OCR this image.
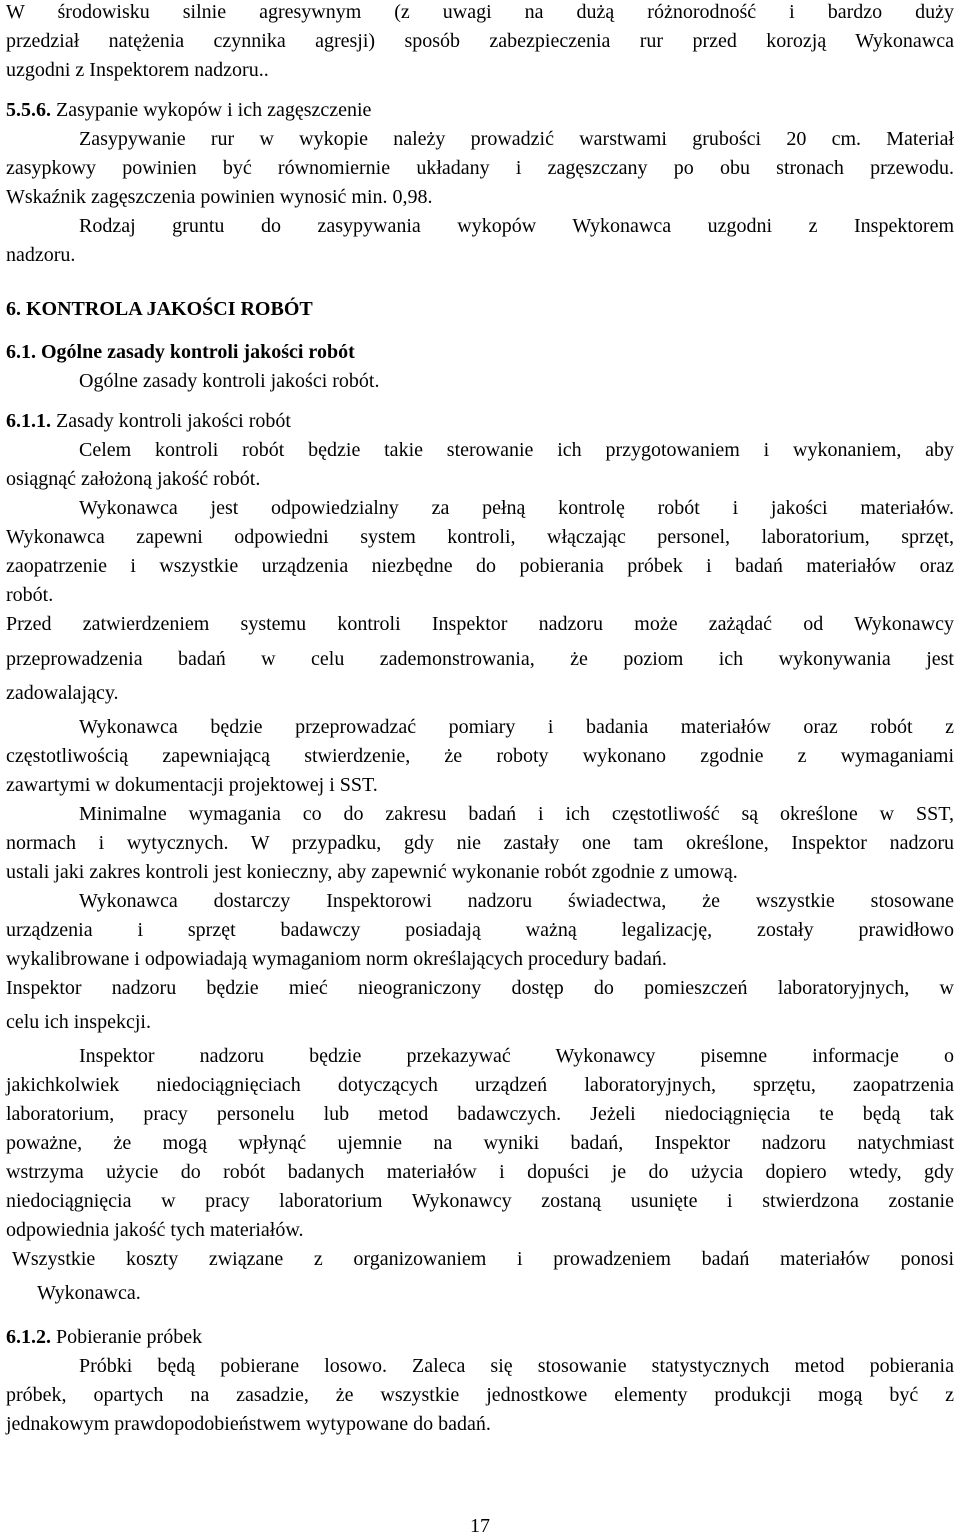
W środowisku silnie agresywnym (z uwagi na dużą różnorodność i bardzo duży
przedział natężenia czynnika agresji) sposób zabezpieczenia rur przed korozją Wykonawca
uzgodni z Inspektorem nadzoru..
5.5.6. Zasypanie wykopów i ich zagęszczenie
Zasypywanie rur w wykopie należy prowadzić warstwami grubości 20 cm. Materiał
zasypkowy powinien być równomiernie układany i zagęszczany po obu stronach przewodu.
Wskaźnik zagęszczenia powinien wynosić min. 0,98.
Rodzaj gruntu do zasypywania wykopów Wykonawca uzgodni z Inspektorem
nadzoru.
6. KONTROLA JAKOŚCI ROBÓT
6.1. Ogólne zasady kontroli jakości robót
Ogólne zasady kontroli jakości robót.
6.1.1. Zasady kontroli jakości robót
Celem kontroli robót będzie takie sterowanie ich przygotowaniem i wykonaniem, aby
osiągnąć założoną jakość robót.
Wykonawca jest odpowiedzialny za pełną kontrolę robót i jakości materiałów.
Wykonawca zapewni odpowiedni system kontroli, włączając personel, laboratorium, sprzęt,
zaopatrzenie i wszystkie urządzenia niezbędne do pobierania próbek i badań materiałów oraz
robót.
Przed zatwierdzeniem systemu kontroli Inspektor nadzoru może zażądać od Wykonawcy
przeprowadzenia badań w celu zademonstrowania, że poziom ich wykonywania jest
zadowalający.
Wykonawca będzie przeprowadzać pomiary i badania materiałów oraz robót z
częstotliwością zapewniającą stwierdzenie, że roboty wykonano zgodnie z wymaganiami
zawartymi w dokumentacji projektowej i SST.
Minimalne wymagania co do zakresu badań i ich częstotliwość są określone w SST,
normach i wytycznych. W przypadku, gdy nie zastały one tam określone, Inspektor nadzoru
ustali jaki zakres kontroli jest konieczny, aby zapewnić wykonanie robót zgodnie z umową.
Wykonawca dostarczy Inspektorowi nadzoru świadectwa, że wszystkie stosowane
urządzenia i sprzęt badawczy posiadają ważną legalizację, zostały prawidłowo
wykalibrowane i odpowiadają wymaganiom norm określających procedury badań.
Inspektor nadzoru będzie mieć nieograniczony dostęp do pomieszczeń laboratoryjnych, w
celu ich inspekcji.
Inspektor nadzoru będzie przekazywać Wykonawcy pisemne informacje o
jakichkolwiek niedociągnięciach dotyczących urządzeń laboratoryjnych, sprzętu, zaopatrzenia
laboratorium, pracy personelu lub metod badawczych. Jeżeli niedociągnięcia te będą tak
poważne, że mogą wpłynąć ujemnie na wyniki badań, Inspektor nadzoru natychmiast
wstrzyma użycie do robót badanych materiałów i dopuści je do użycia dopiero wtedy, gdy
niedociągnięcia w pracy laboratorium Wykonawcy zostaną usunięte i stwierdzona zostanie
odpowiednia jakość tych materiałów.
Wszystkie koszty związane z organizowaniem i prowadzeniem badań materiałów ponosi
Wykonawca.
6.1.2. Pobieranie próbek
Próbki będą pobierane losowo. Zaleca się stosowanie statystycznych metod pobierania
próbek, opartych na zasadzie, że wszystkie jednostkowe elementy produkcji mogą być z
jednakowym prawdopodobieństwem wytypowane do badań.
17
